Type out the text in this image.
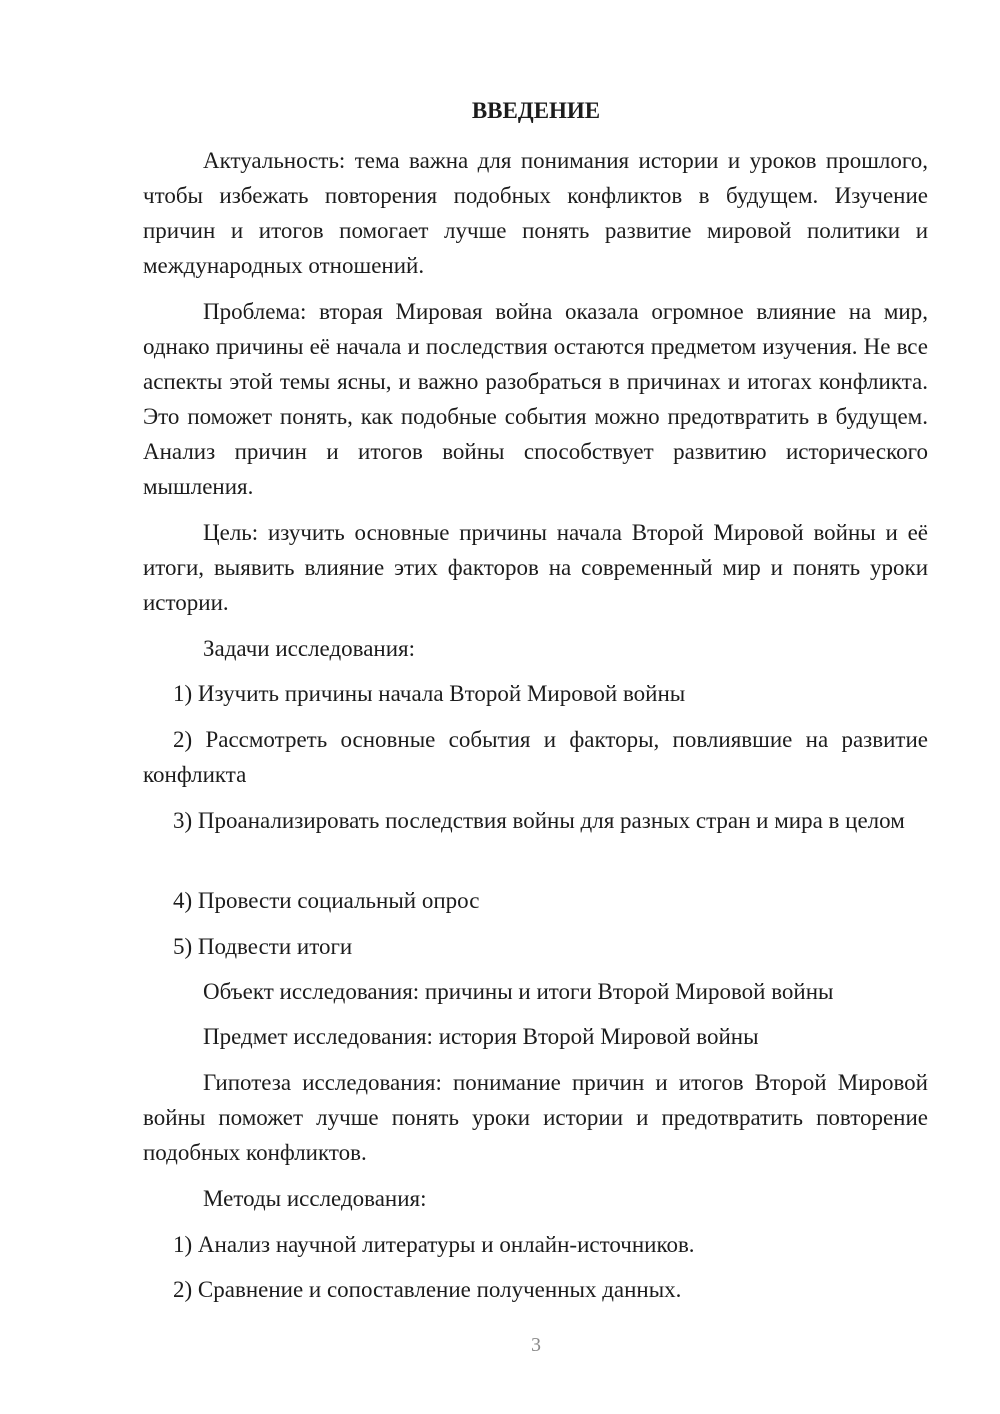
ВВЕДЕНИЕ
Актуальность: тема важна для понимания истории и уроков прошлого, чтобы избежать повторения подобных конфликтов в будущем. Изучение причин и итогов помогает лучше понять развитие мировой политики и международных отношений.
Проблема: вторая Мировая война оказала огромное влияние на мир, однако причины её начала и последствия остаются предметом изучения. Не все аспекты этой темы ясны, и важно разобраться в причинах и итогах конфликта. Это поможет понять, как подобные события можно предотвратить в будущем. Анализ причин и итогов войны способствует развитию исторического мышления.
Цель: изучить основные причины начала Второй Мировой войны и её итоги, выявить влияние этих факторов на современный мир и понять уроки истории.
Задачи исследования:
1) Изучить причины начала Второй Мировой войны
2) Рассмотреть основные события и факторы, повлиявшие на развитие конфликта
3) Проанализировать последствия войны для разных стран и мира в целом
4) Провести социальный опрос
5) Подвести итоги
Объект исследования: причины и итоги Второй Мировой войны
Предмет исследования: история Второй Мировой войны
Гипотеза исследования: понимание причин и итогов Второй Мировой войны поможет лучше понять уроки истории и предотвратить повторение подобных конфликтов.
Методы исследования:
1) Анализ научной литературы и онлайн-источников.
2) Сравнение и сопоставление полученных данных.
3
